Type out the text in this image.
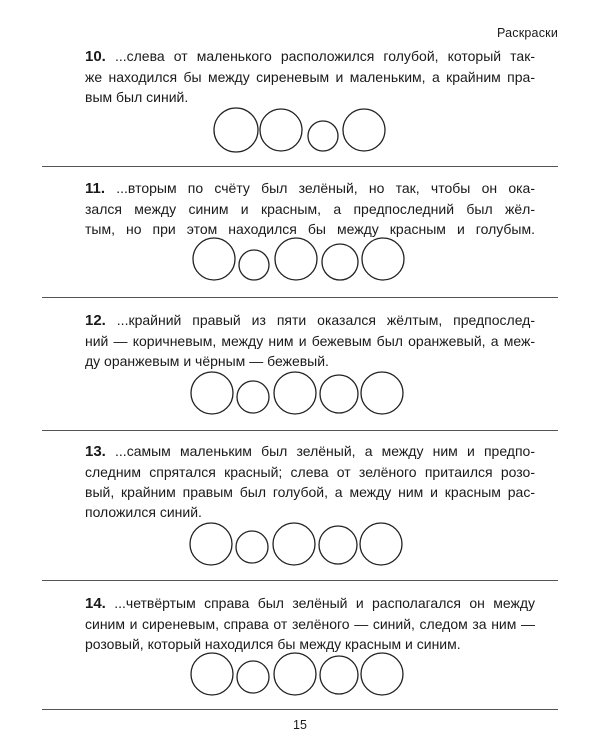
Раскраски

10. ...слева от маленького расположился голубой, который так-
же находился бы между сиреневым и маленьким, а крайним пра-
вым был синий.

11. ...вторым по счёту был зелёный, но так, чтобы он ока-
зался между синим и красным, а предпоследний был жёл-
тым, но при этом находился бы между красным и голубым.

12. ...крайний правый из пяти оказался жёлтым, предпослед-
ний — коричневым, между ним и бежевым был оранжевый, а меж-
ду оранжевым и чёрным — бежевый.

13. ...самым маленьким был зелёный, а между ним и предпо-
следним спрятался красный; слева от зелёного притаился розо-
вый, крайним правым был голубой, а между ним и красным рас-
положился синий.

14. ...четвёртым справа был зелёный и располагался он между
синим и сиреневым, справа от зелёного — синий, следом за ним —
розовый, который находился бы между красным и синим.

15
